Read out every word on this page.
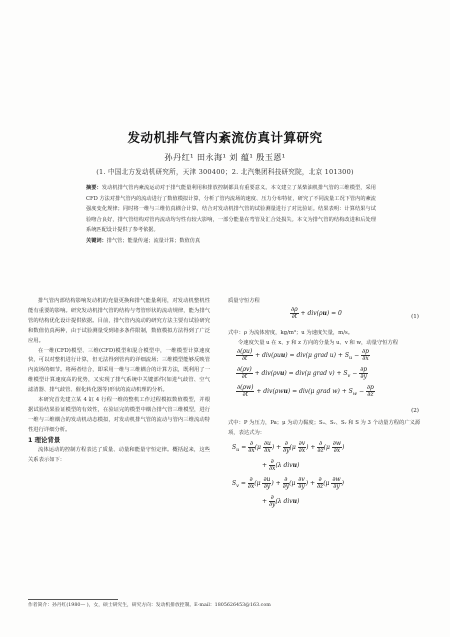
发动机排气管内紊流仿真计算研究
孙丹红¹ 田永海¹ 刘 蕴¹ 殷玉恩¹
(1. 中国北方发动机研究所，天津 300400；2. 北汽集团科技研究院，北京 101300)
摘要：发动机排气管内紊流运动对于排气能量利用和排放控制都具有重要意义。本文建立了某柴油机排气管的三维模型，采用 CFD 方法对排气管内的流动进行了数值模拟计算，分析了管内流场的速度、压力分布特征，研究了不同流量工况下管内的紊流强度变化规律；同时将一维与三维仿真耦合计算，结合对发动机排气管的试验测量进行了对比验证。结果表明：计算结果与试验吻合良好，排气管结构对管内流动均匀性有较大影响，一部分能量在弯管及汇合处损失。本文为排气管的结构改进和后处理系统匹配设计提供了参考依据。
关键词：排气管；能量传递；流量计算；数值仿真

排气管内部结构影响发动机的充量更换和排气能量利用，对发动机整机性能有重要的影响。研究发动机排气管的结构与弯管形状的流动规律，能为排气管的结构优化设计提供依据。目前，排气管内流动的研究方法主要有试验研究和数值仿真两种，由于试验测量受到诸多条件限制，数值模拟方法得到了广泛应用。

在一维(CFD)模型、三维(CFD)模型和混合模型中，一维模型计算速度快，可以对整机进行计算，但无法得到管内的详细流场；三维模型能够反映管内流场的细节。将两者结合，即采用一维与三维耦合的计算方法，既利用了一维模型计算速度高的优势，又实现了排气系统中关键部件(如进气歧管、空气滤清器、排气歧管、催化转化器等)形状的流动机理的分析。

本研究首先建立某 4 缸 4 行程一维的整机工作过程模拟数值模型，并根据试验结果验证模型的有效性，在验证完的模型中耦合排气管三维模型，进行一维与三维耦合的发动机动态模拟，对发动机排气管的流动与管内三维流动特性进行详细分析。

1 理论背景

流体运动的控制方程表达了质量、动量和能量守恒定律。概括起来，这些关系表示如下：

质量守恒方程

$\frac{\partial\rho}{\partial t} + div(\rho u) = 0$	(1)

式中：ρ 为流体密度，kg/m³；u 为速度矢量，m/s。

令速度矢量 u 在 x、y 和 z 方向的分量为 u、v 和 w，动量守恒方程

$\frac{\partial(\rho u)}{\partial t} + div(\rho uu) = div(\mu$ grad $u) + S_u - \frac{\partial p}{\partial x}$
$\frac{\partial(\rho v)}{\partial t} + div(\rho vu) = div(\mu$ grad $v) + S_v - \frac{\partial p}{\partial y}$
$\frac{\partial(\rho w)}{\partial t} + div(\rho wu) = div(\mu$ grad $w) + S_w - \frac{\partial p}{\partial z}$
(2)

式中：P 为压力，Pa；μ 为动力黏度；Sᵤ、Sᵥ、Sᵥ 和 S 为 3 个动量方程的广义源项，表达式为：

$S_u = \frac{\partial}{\partial x} (\mu \frac{\partial u}{\partial x}$ ) + $\frac{\partial}{\partial y} (\mu \frac{\partial v}{\partial x}$ ) + $\frac{\partial}{\partial z} (\mu \frac{\partial w}{\partial x}$ )
+ $\frac{\partial}{\partial x} (\lambda$ divu)
$S_v = \frac{\partial}{\partial x} (\mu \frac{\partial u}{\partial y}$ ) + $\frac{\partial}{\partial y} (\mu \frac{\partial v}{\partial y}$ ) + $\frac{\partial}{\partial z} (\mu \frac{\partial w}{\partial y}$ )
+ $\frac{\partial}{\partial y} (\lambda$ divu)
作者简介：孙丹红(1980— )，女，硕士研究生，研究方向：发动机排放控制。E-mail：1805626453@163.com
